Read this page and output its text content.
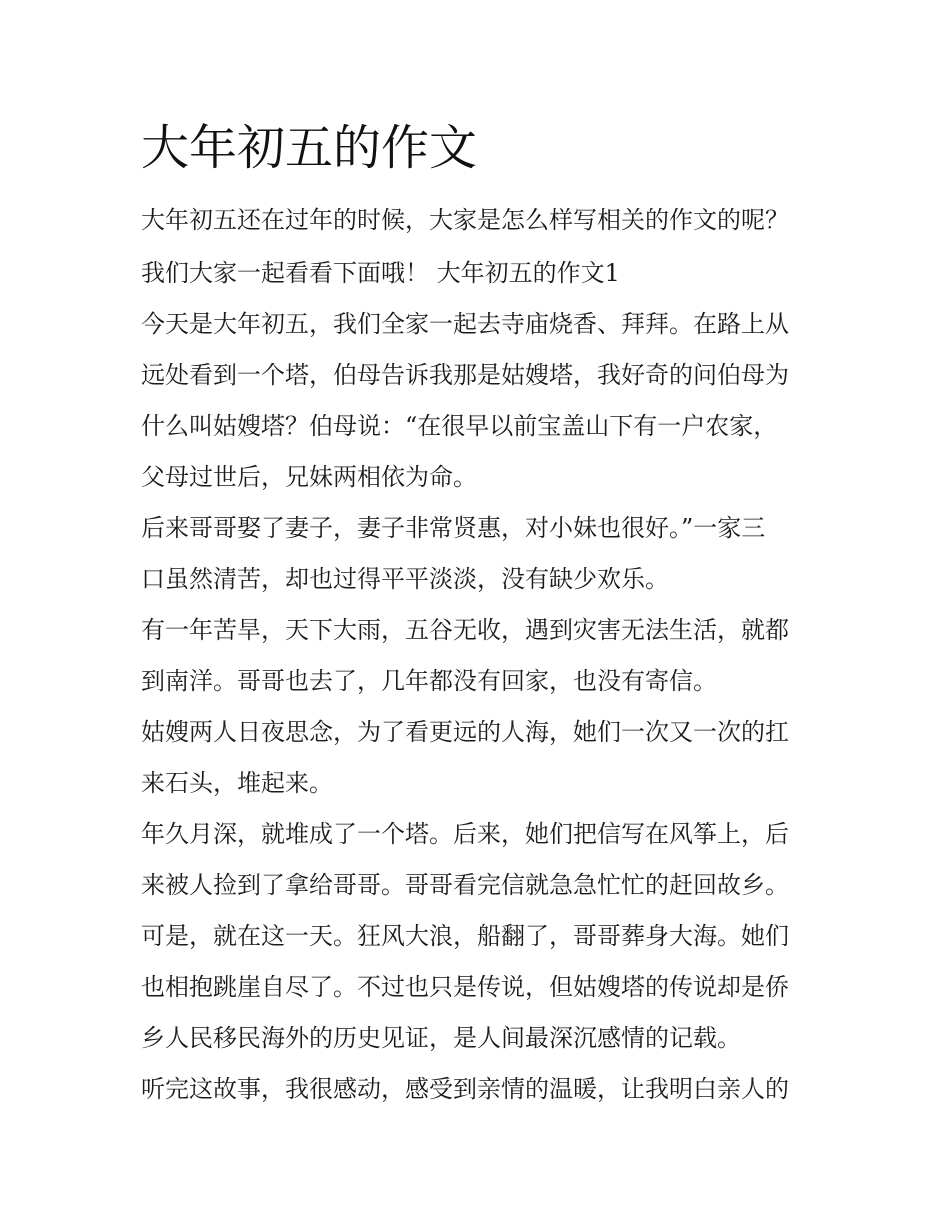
大年初五的作文

大年初五还在过年的时候，大家是怎么样写相关的作文的呢？

我们大家一起看看下面哦！ 大年初五的作文1

今天是大年初五，我们全家一起去寺庙烧香、拜拜。在路上从

远处看到一个塔，伯母告诉我那是姑嫂塔，我好奇的问伯母为

什么叫姑嫂塔？伯母说：“在很早以前宝盖山下有一户农家，

父母过世后，兄妹两相依为命。

后来哥哥娶了妻子，妻子非常贤惠，对小妹也很好。”一家三

口虽然清苦，却也过得平平淡淡，没有缺少欢乐。

有一年苦旱，天下大雨，五谷无收，遇到灾害无法生活，就都

到南洋。哥哥也去了，几年都没有回家，也没有寄信。

姑嫂两人日夜思念，为了看更远的人海，她们一次又一次的扛

来石头，堆起来。

年久月深，就堆成了一个塔。后来，她们把信写在风筝上，后

来被人捡到了拿给哥哥。哥哥看完信就急急忙忙的赶回故乡。

可是，就在这一天。狂风大浪，船翻了，哥哥葬身大海。她们

也相抱跳崖自尽了。不过也只是传说，但姑嫂塔的传说却是侨

乡人民移民海外的历史见证，是人间最深沉感情的记载。

听完这故事，我很感动，感受到亲情的温暖，让我明白亲人的
